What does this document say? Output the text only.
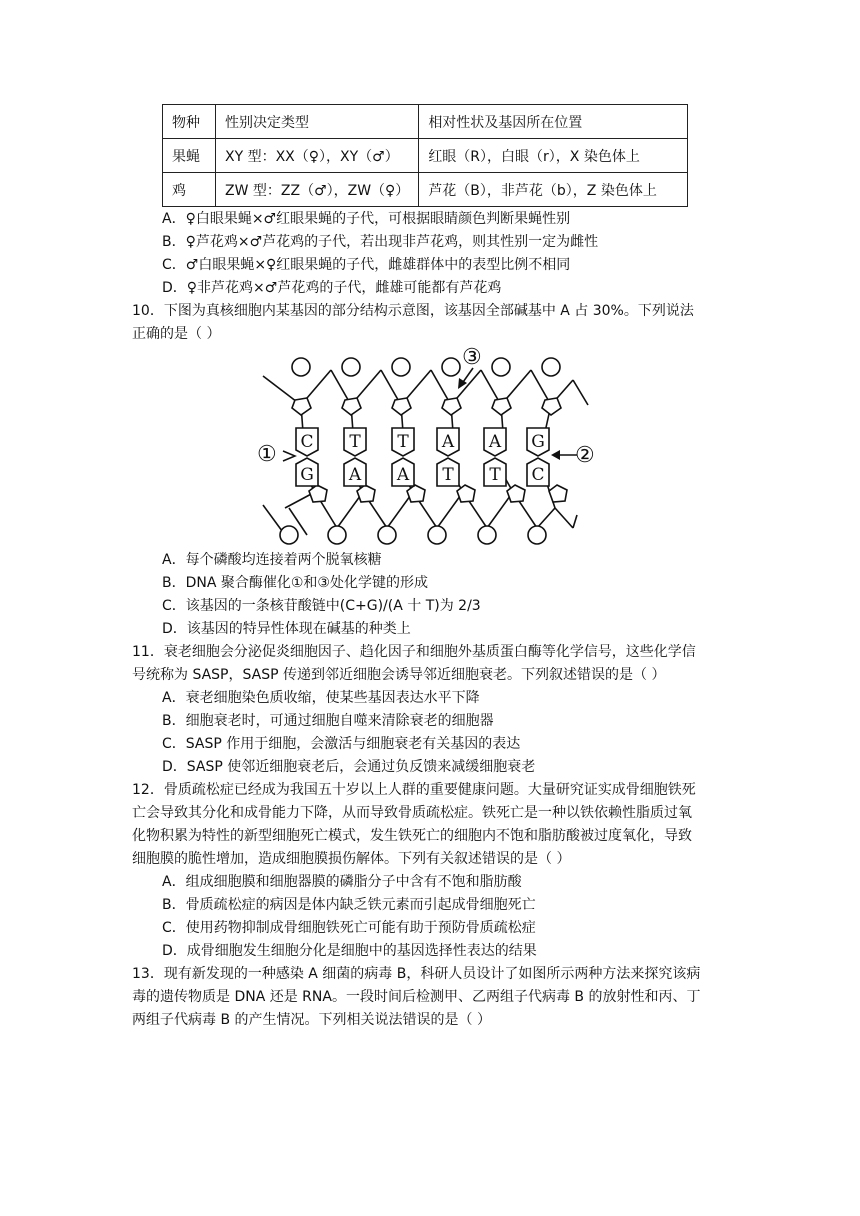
物种	性别决定类型	相对性状及基因所在位置
果蝇	XY 型：XX（♀），XY（♂）	红眼（R），白眼（r），X 染色体上
鸡	ZW 型：ZZ（♂），ZW（♀）	芦花（B），非芦花（b），Z 染色体上
A．♀白眼果蝇×♂红眼果蝇的子代，可根据眼睛颜色判断果蝇性别
B．♀芦花鸡×♂芦花鸡的子代，若出现非芦花鸡，则其性别一定为雌性
C．♂白眼果蝇×♀红眼果蝇的子代，雌雄群体中的表型比例不相同
D．♀非芦花鸡×♂芦花鸡的子代，雌雄可能都有芦花鸡
10．下图为真核细胞内某基因的部分结构示意图，该基因全部碱基中 A 占 30%。下列说法
正确的是（ ）
C T T A A G
G A A T T C
①	②
③
A．每个磷酸均连接着两个脱氧核糖
B．DNA 聚合酶催化①和③处化学键的形成
C．该基因的一条核苷酸链中(C+G)/(A 十 T)为 2/3
D．该基因的特异性体现在碱基的种类上
11．衰老细胞会分泌促炎细胞因子、趋化因子和细胞外基质蛋白酶等化学信号，这些化学信
号统称为 SASP，SASP 传递到邻近细胞会诱导邻近细胞衰老。下列叙述错误的是（ ）
A．衰老细胞染色质收缩，使某些基因表达水平下降
B．细胞衰老时，可通过细胞自噬来清除衰老的细胞器
C．SASP 作用于细胞，会激活与细胞衰老有关基因的表达
D．SASP 使邻近细胞衰老后，会通过负反馈来减缓细胞衰老
12．骨质疏松症已经成为我国五十岁以上人群的重要健康问题。大量研究证实成骨细胞铁死
亡会导致其分化和成骨能力下降，从而导致骨质疏松症。铁死亡是一种以铁依赖性脂质过氧
化物积累为特性的新型细胞死亡模式，发生铁死亡的细胞内不饱和脂肪酸被过度氧化，导致
细胞膜的脆性增加，造成细胞膜损伤解体。下列有关叙述错误的是（ ）
A．组成细胞膜和细胞器膜的磷脂分子中含有不饱和脂肪酸
B．骨质疏松症的病因是体内缺乏铁元素而引起成骨细胞死亡
C．使用药物抑制成骨细胞铁死亡可能有助于预防骨质疏松症
D．成骨细胞发生细胞分化是细胞中的基因选择性表达的结果
13．现有新发现的一种感染 A 细菌的病毒 B，科研人员设计了如图所示两种方法来探究该病
毒的遗传物质是 DNA 还是 RNA。一段时间后检测甲、乙两组子代病毒 B 的放射性和丙、丁
两组子代病毒 B 的产生情况。下列相关说法错误的是（ ）
